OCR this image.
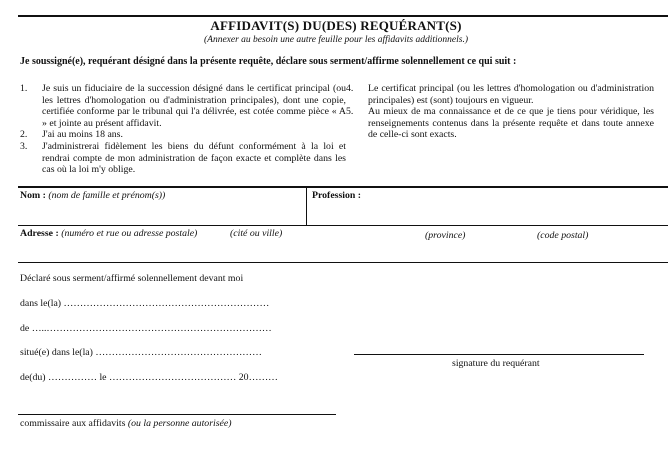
AFFIDAVIT(S) DU(DES) REQUÉRANT(S)
(Annexer au besoin une autre feuille pour les affidavits additionnels.)
Je soussigné(e), requérant désigné dans la présente requête, déclare sous serment/affirme solennellement ce qui suit :
1.	Je suis un fiduciaire de la succession désigné dans le certificat principal (ou les lettres d'homologation ou d'administration principales), dont une copie, certifiée conforme par le tribunal qui l'a délivrée, est cotée comme pièce « A » et jointe au présent affidavit.
2.	J'ai au moins 18 ans.
3.	J'administrerai fidèlement les biens du défunt conformément à la loi et rendrai compte de mon administration de façon exacte et complète dans les cas où la loi m'y oblige.
4.	Le certificat principal (ou les lettres d'homologation ou d'administration principales) est (sont) toujours en vigueur.
5.	Au mieux de ma connaissance et de ce que je tiens pour véridique, les renseignements contenus dans la présente requête et dans toute annexe de celle-ci sont exacts.
Nom : (nom de famille et prénom(s))	Profession :
Adresse : (numéro et rue ou adresse postale)	(cité ou ville)	(province)	(code postal)
Déclaré sous serment/affirmé solennellement devant moi
dans le(la) ………………………………………………………
de …..……………………………………………………………
situé(e) dans le(la) ……………………………………………
de(du) …………… le ………………………………… 20………
signature du requérant
commissaire aux affidavits (ou la personne autorisée)
